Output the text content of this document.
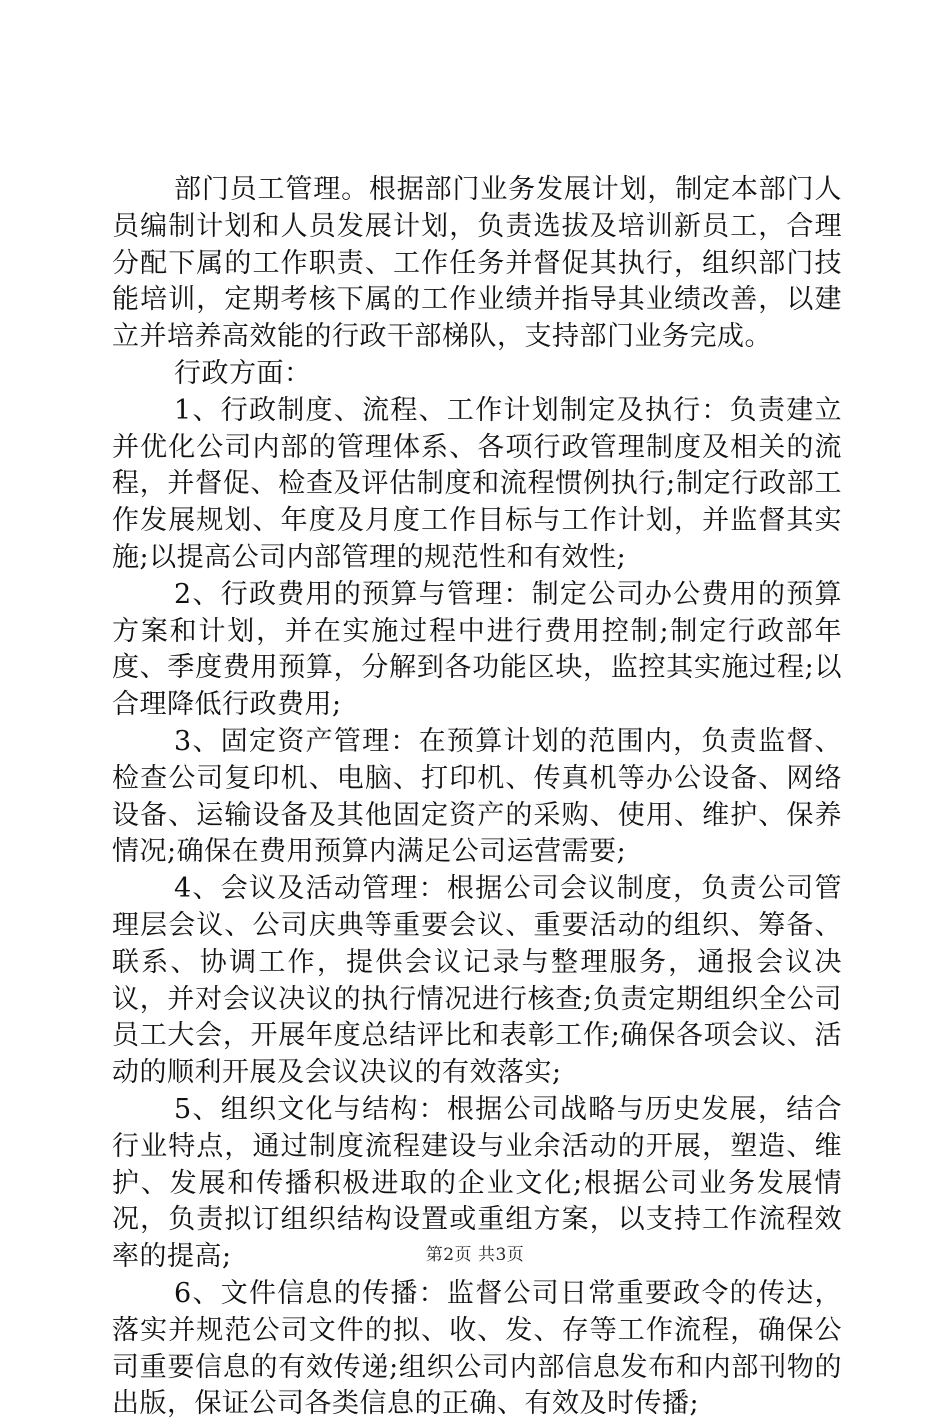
部门员工管理。根据部门业务发展计划，制定本部门人员编制计划和人员发展计划，负责选拔及培训新员工，合理分配下属的工作职责、工作任务并督促其执行，组织部门技能培训，定期考核下属的工作业绩并指导其业绩改善，以建立并培养高效能的行政干部梯队，支持部门业务完成。

行政方面：

1、行政制度、流程、工作计划制定及执行：负责建立并优化公司内部的管理体系、各项行政管理制度及相关的流程，并督促、检查及评估制度和流程惯例执行;制定行政部工作发展规划、年度及月度工作目标与工作计划，并监督其实施;以提高公司内部管理的规范性和有效性;

2、行政费用的预算与管理：制定公司办公费用的预算方案和计划，并在实施过程中进行费用控制;制定行政部年度、季度费用预算，分解到各功能区块，监控其实施过程;以合理降低行政费用;

3、固定资产管理：在预算计划的范围内，负责监督、检查公司复印机、电脑、打印机、传真机等办公设备、网络设备、运输设备及其他固定资产的采购、使用、维护、保养情况;确保在费用预算内满足公司运营需要;

4、会议及活动管理：根据公司会议制度，负责公司管理层会议、公司庆典等重要会议、重要活动的组织、筹备、联系、协调工作，提供会议记录与整理服务，通报会议决议，并对会议决议的执行情况进行核查;负责定期组织全公司员工大会，开展年度总结评比和表彰工作;确保各项会议、活动的顺利开展及会议决议的有效落实;

5、组织文化与结构：根据公司战略与历史发展，结合行业特点，通过制度流程建设与业余活动的开展，塑造、维护、发展和传播积极进取的企业文化;根据公司业务发展情况，负责拟订组织结构设置或重组方案，以支持工作流程效率的提高;

6、文件信息的传播：监督公司日常重要政令的传达，落实并规范公司文件的拟、收、发、存等工作流程，确保公司重要信息的有效传递;组织公司内部信息发布和内部刊物的出版，保证公司各类信息的正确、有效及时传播;

第2页 共3页
